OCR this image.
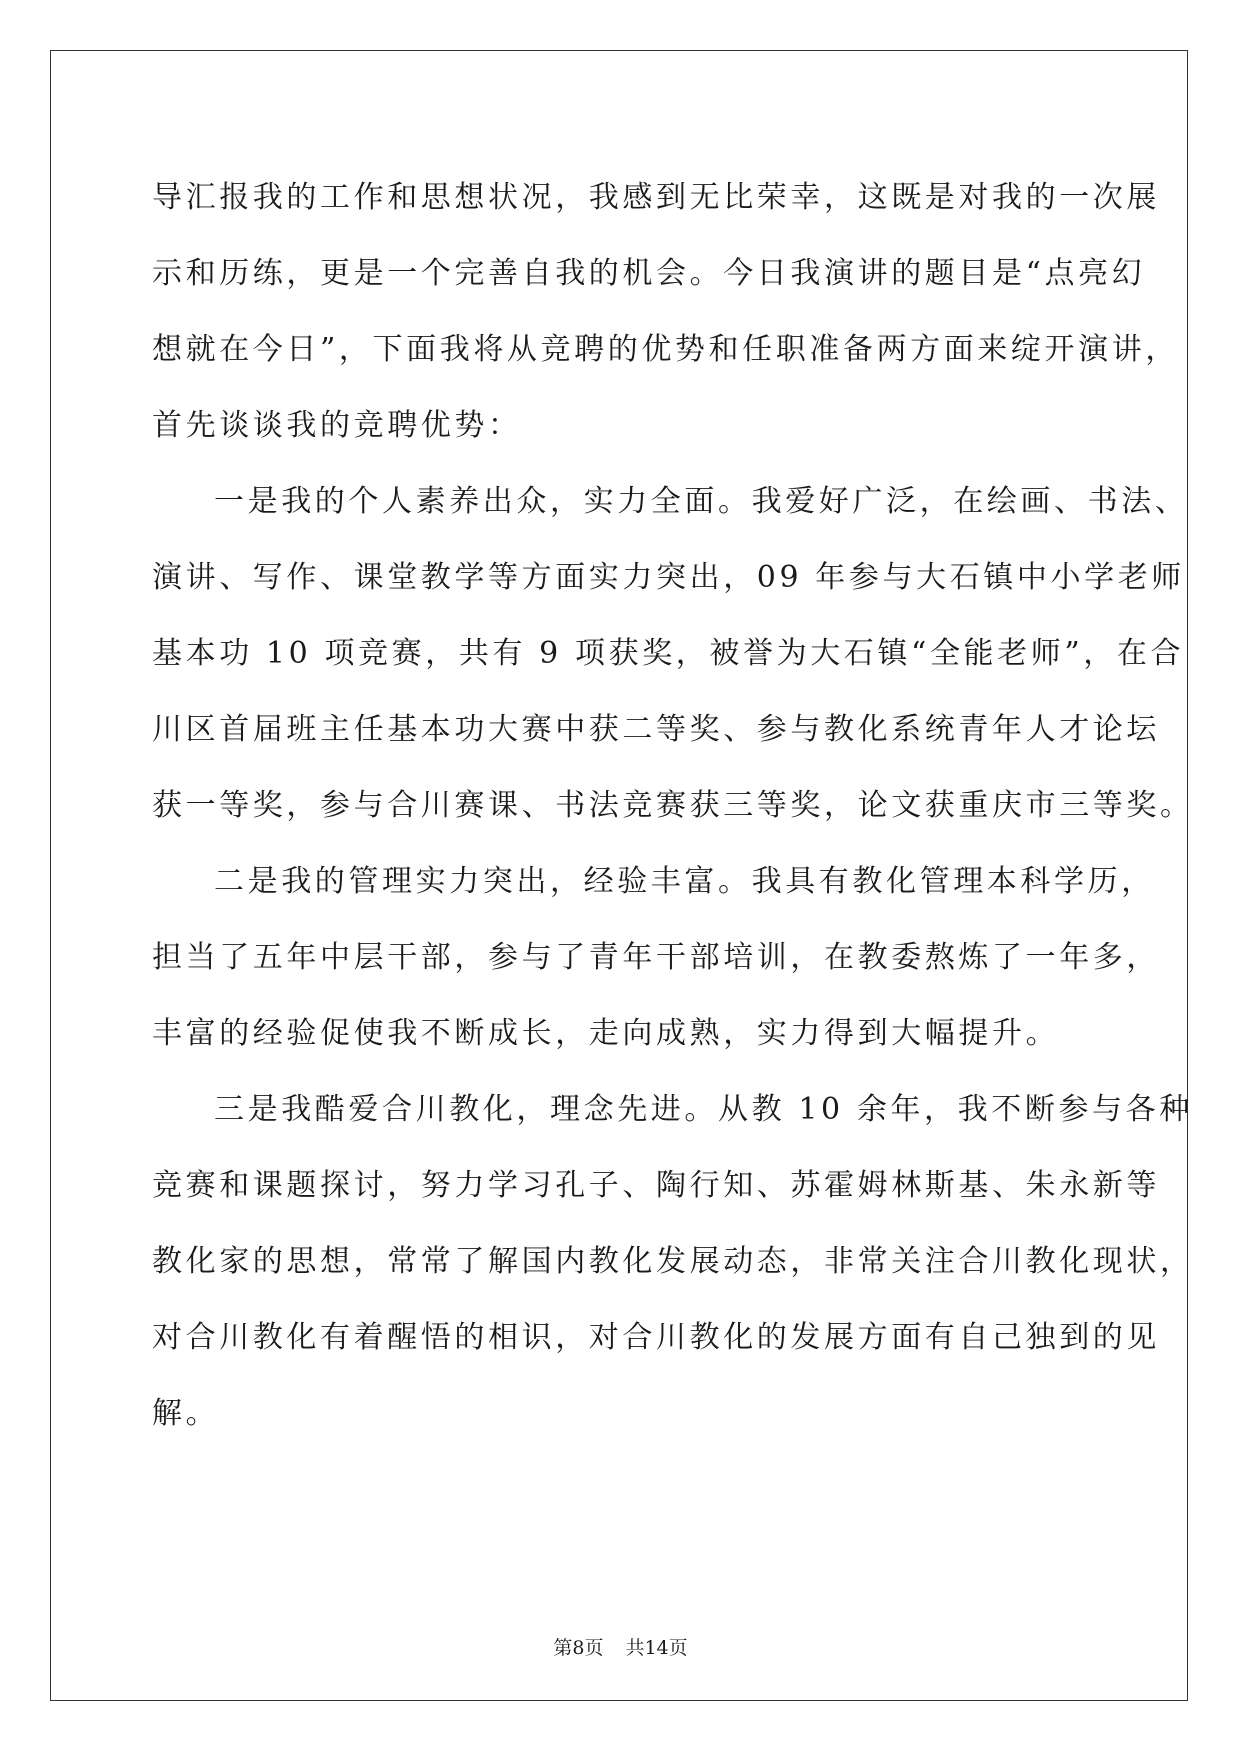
导汇报我的工作和思想状况，我感到无比荣幸，这既是对我的一次展
示和历练，更是一个完善自我的机会。今日我演讲的题目是“点亮幻
想就在今日”，下面我将从竞聘的优势和任职准备两方面来绽开演讲，
首先谈谈我的竞聘优势：
一是我的个人素养出众，实力全面。我爱好广泛，在绘画、书法、
演讲、写作、课堂教学等方面实力突出，09 年参与大石镇中小学老师
基本功 10 项竞赛，共有 9 项获奖，被誉为大石镇“全能老师”，在合
川区首届班主任基本功大赛中获二等奖、参与教化系统青年人才论坛
获一等奖，参与合川赛课、书法竞赛获三等奖，论文获重庆市三等奖。
二是我的管理实力突出，经验丰富。我具有教化管理本科学历，
担当了五年中层干部，参与了青年干部培训，在教委熬炼了一年多，
丰富的经验促使我不断成长，走向成熟，实力得到大幅提升。
三是我酷爱合川教化，理念先进。从教 10 余年，我不断参与各种
竞赛和课题探讨，努力学习孔子、陶行知、苏霍姆林斯基、朱永新等
教化家的思想，常常了解国内教化发展动态，非常关注合川教化现状，
对合川教化有着醒悟的相识，对合川教化的发展方面有自己独到的见
解。
第8页 共14页
